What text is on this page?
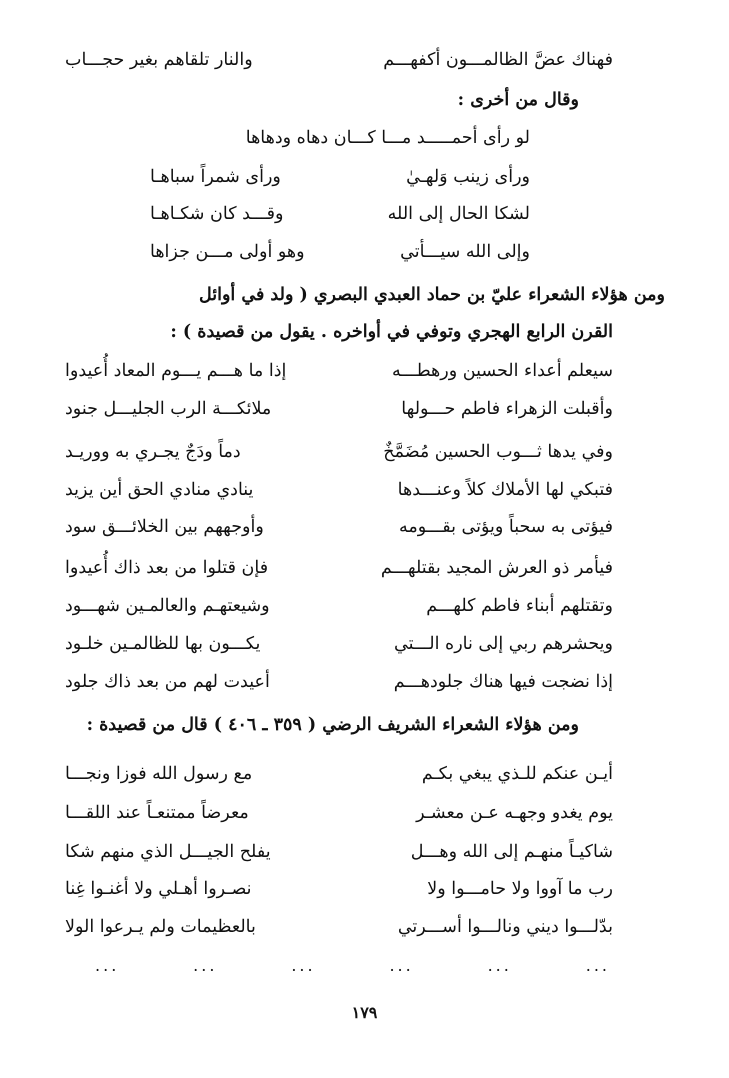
فهناك عضَّ الظالمـــون أكفهـــم
والنار تلقاهم بغير حجـــاب
وقال من أخرى :
لو رأى أحمـــــد مـــا كـــان دهاه ودهاها
ورأى زينب وَلهـيٰ
ورأى شمراً سباهـا
لشكا الحال إلى الله
وقـــد كان شكـاهـا
وإلى الله سيـــأتي
وهو أولى مـــن جزاها
ومن هؤلاء الشعراء عليّ بن حماد العبدي البصري ( ولد في أوائل
القرن الرابع الهجري وتوفي في أواخره . يقول من قصيدة ) :
سيعلم أعداء الحسين ورهطـــه
إذا ما هـــم يـــوم المعاد أُعيدوا
وأقبلت الزهراء فاطم حـــولها
ملائكـــة الرب الجليـــل جنود
وفي يدها ثـــوب الحسين مُضَمَّخٌ
دماً ودَجٌ يجـري به ووريـد
فتبكي لها الأملاك كلاً وعنـــدها
ينادي منادي الحق أين يزيد
فيؤتى به سحباً ويؤتى بقـــومه
وأوجههم بين الخلائـــق سود
فيأمر ذو العرش المجيد بقتلهـــم
فإن قتلوا من بعد ذاك أُعيدوا
وتقتلهم أبناء فاطم كلهـــم
وشيعتهـم والعالمـين شهـــود
ويحشرهم ربي إلى ناره الـــتي
يكـــون بها للظالمـين خلـود
إذا نضجت فيها هناك جلودهـــم
أعيدت لهم من بعد ذاك جلود
ومن هؤلاء الشعراء الشريف الرضي ( ٣٥٩ ـ ٤٠٦ ) قال من قصيدة :
أيـن عنكم للـذي يبغي بكـم
مع رسول الله فوزا ونجـــا
يوم يغدو وجهـه عـن معشـر
معرضاً ممتنعـاً عند اللقـــا
شاكيـاً منهـم إلى الله وهـــل
يفلح الجيـــل الذي منهم شكا
رب ما آووا ولا حامـــوا ولا
نصـروا أهـلي ولا أغنـوا غِنا
بدّلـــوا ديني ونالـــوا أســـرتي
بالعظيمات ولم يـرعوا الولا
...
...
...
...
...
...
١٧٩
